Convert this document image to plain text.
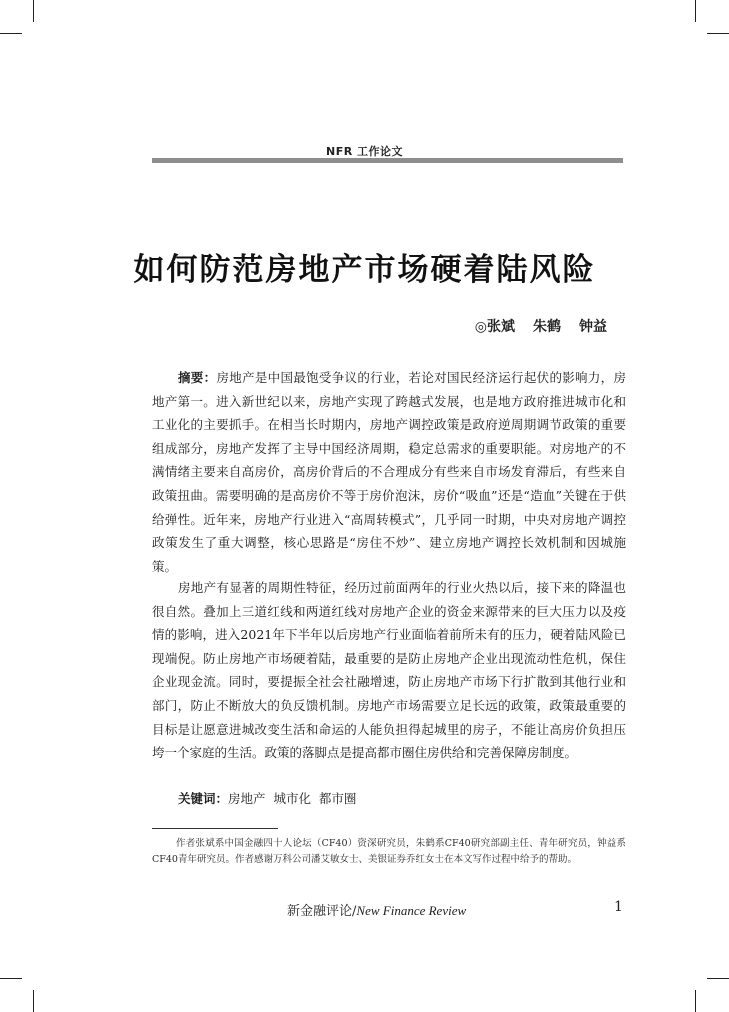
NFR 工作论文
如何防范房地产市场硬着陆风险
◎张斌 朱鹤 钟益
摘要：房地产是中国最饱受争议的行业，若论对国民经济运行起伏的影响力，房地产第一。进入新世纪以来，房地产实现了跨越式发展，也是地方政府推进城市化和工业化的主要抓手。在相当长时期内，房地产调控政策是政府逆周期调节政策的重要组成部分，房地产发挥了主导中国经济周期，稳定总需求的重要职能。对房地产的不满情绪主要来自高房价，高房价背后的不合理成分有些来自市场发育滞后，有些来自政策扭曲。需要明确的是高房价不等于房价泡沫，房价“吸血”还是“造血”关键在于供给弹性。近年来，房地产行业进入“高周转模式”，几乎同一时期，中央对房地产调控政策发生了重大调整，核心思路是“房住不炒”、建立房地产调控长效机制和因城施策。
房地产有显著的周期性特征，经历过前面两年的行业火热以后，接下来的降温也很自然。叠加上三道红线和两道红线对房地产企业的资金来源带来的巨大压力以及疫情的影响，进入2021年下半年以后房地产行业面临着前所未有的压力，硬着陆风险已现端倪。防止房地产市场硬着陆，最重要的是防止房地产企业出现流动性危机，保住企业现金流。同时，要提振全社会社融增速，防止房地产市场下行扩散到其他行业和部门，防止不断放大的负反馈机制。房地产市场需要立足长远的政策，政策最重要的目标是让愿意进城改变生活和命运的人能负担得起城里的房子，不能让高房价负担压垮一个家庭的生活。政策的落脚点是提高都市圈住房供给和完善保障房制度。
关键词：房地产  城市化  都市圈
作者张斌系中国金融四十人论坛（CF40）资深研究员，朱鹤系CF40研究部副主任、青年研究员，钟益系CF40青年研究员。作者感谢万科公司潘艾敏女士、美银证券乔红女士在本文写作过程中给予的帮助。
新金融评论/New Finance Review	1
